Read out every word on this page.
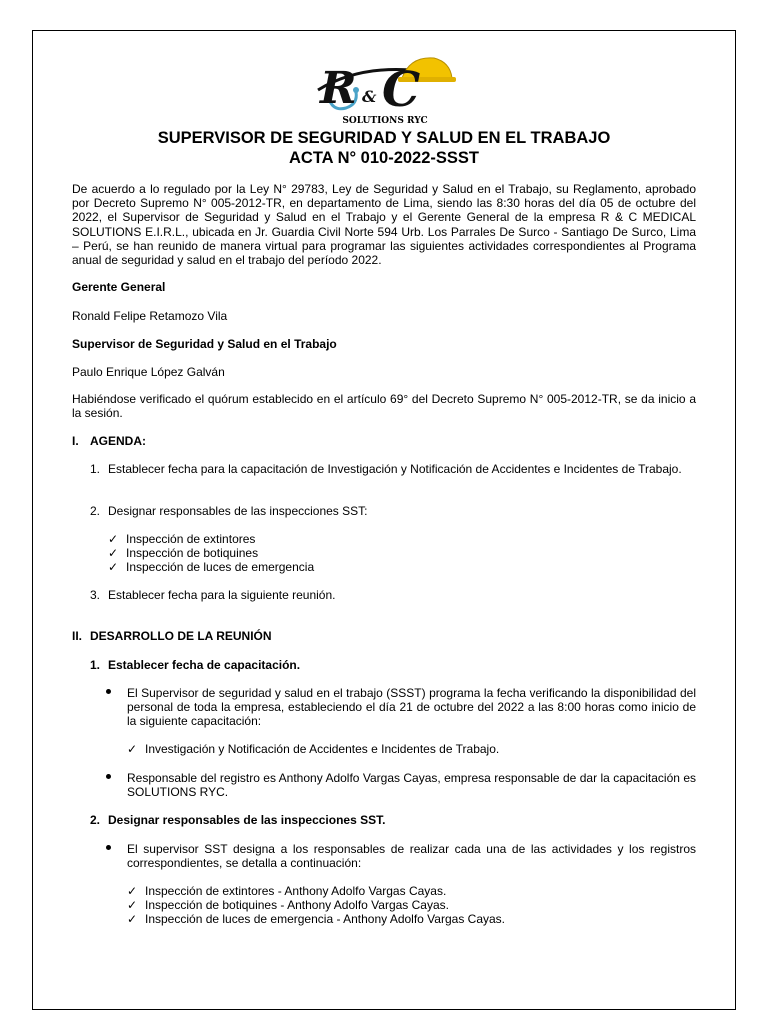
R & C
SOLUTIONS RYC
SUPERVISOR DE SEGURIDAD Y SALUD EN EL TRABAJO
ACTA N° 010-2022-SSST

De acuerdo a lo regulado por la Ley N° 29783, Ley de Seguridad y Salud en el Trabajo, su Reglamento, aprobado por Decreto Supremo N° 005-2012-TR, en departamento de Lima, siendo las 8:30 horas del día 05 de octubre del 2022, el Supervisor de Seguridad y Salud en el Trabajo y el Gerente General de la empresa R & C MEDICAL SOLUTIONS E.I.R.L., ubicada en Jr. Guardia Civil Norte 594 Urb. Los Parrales De Surco - Santiago De Surco, Lima – Perú, se han reunido de manera virtual para programar las siguientes actividades correspondientes al Programa anual de seguridad y salud en el trabajo del período 2022.

Gerente General
Ronald Felipe Retamozo Vila
Supervisor de Seguridad y Salud en el Trabajo
Paulo Enrique López Galván

Habiéndose verificado el quórum establecido en el artículo 69° del Decreto Supremo N° 005-2012-TR, se da inicio a la sesión.

I. AGENDA:
1. Establecer fecha para la capacitación de Investigación y Notificación de Accidentes e Incidentes de Trabajo.

2. Designar responsables de las inspecciones SST:

✓ Inspección de extintores
✓ Inspección de botiquines
✓ Inspección de luces de emergencia
3. Establecer fecha para la siguiente reunión.

II. DESARROLLO DE LA REUNIÓN
1. Establecer fecha de capacitación.

El Supervisor de seguridad y salud en el trabajo (SSST) programa la fecha verificando la disponibilidad del personal de toda la empresa, estableciendo el día 21 de octubre del 2022 a las 8:00 horas como inicio de la siguiente capacitación:

✓ Investigación y Notificación de Accidentes e Incidentes de Trabajo.

Responsable del registro es Anthony Adolfo Vargas Cayas, empresa responsable de dar la capacitación es SOLUTIONS RYC.

2. Designar responsables de las inspecciones SST.

El supervisor SST designa a los responsables de realizar cada una de las actividades y los registros correspondientes, se detalla a continuación:

✓ Inspección de extintores - Anthony Adolfo Vargas Cayas.
✓ Inspección de botiquines - Anthony Adolfo Vargas Cayas.
✓ Inspección de luces de emergencia - Anthony Adolfo Vargas Cayas.
